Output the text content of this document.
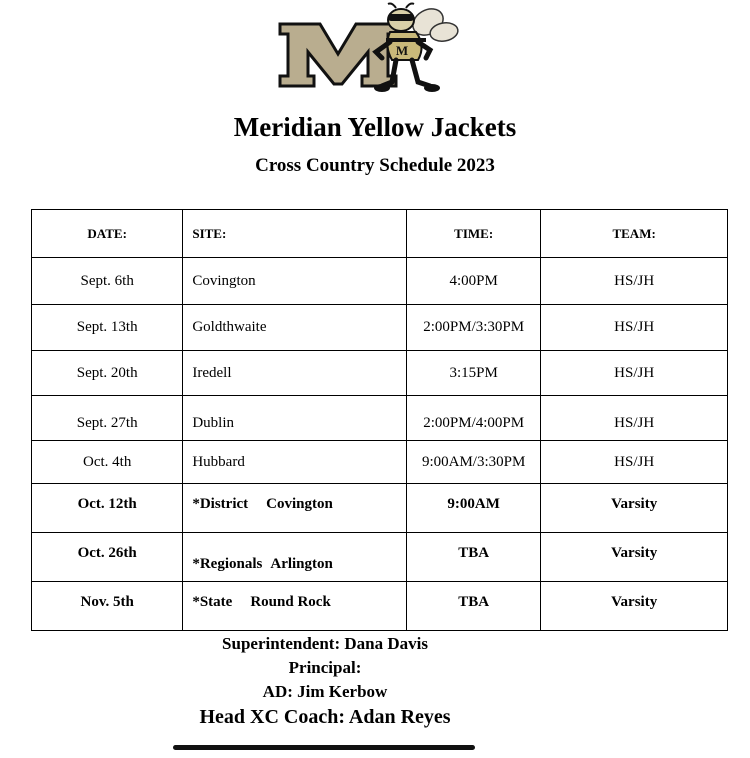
M
Meridian Yellow Jackets
Cross Country Schedule 2023
DATE:	SITE:	TIME:	TEAM:
Sept. 6th	Covington	4:00PM	HS/JH
Sept. 13th	Goldthwaite	2:00PM/3:30PM	HS/JH
Sept. 20th	Iredell	3:15PM	HS/JH
Sept. 27th	Dublin	2:00PM/4:00PM	HS/JH
Oct. 4th	Hubbard	9:00AM/3:30PM	HS/JH
Oct. 12th	*District Covington	9:00AM	Varsity
Oct. 26th	*Regionals Arlington	TBA	Varsity
Nov. 5th	*State Round Rock	TBA	Varsity
Superintendent: Dana Davis
Principal:
AD: Jim Kerbow
Head XC Coach: Adan Reyes
